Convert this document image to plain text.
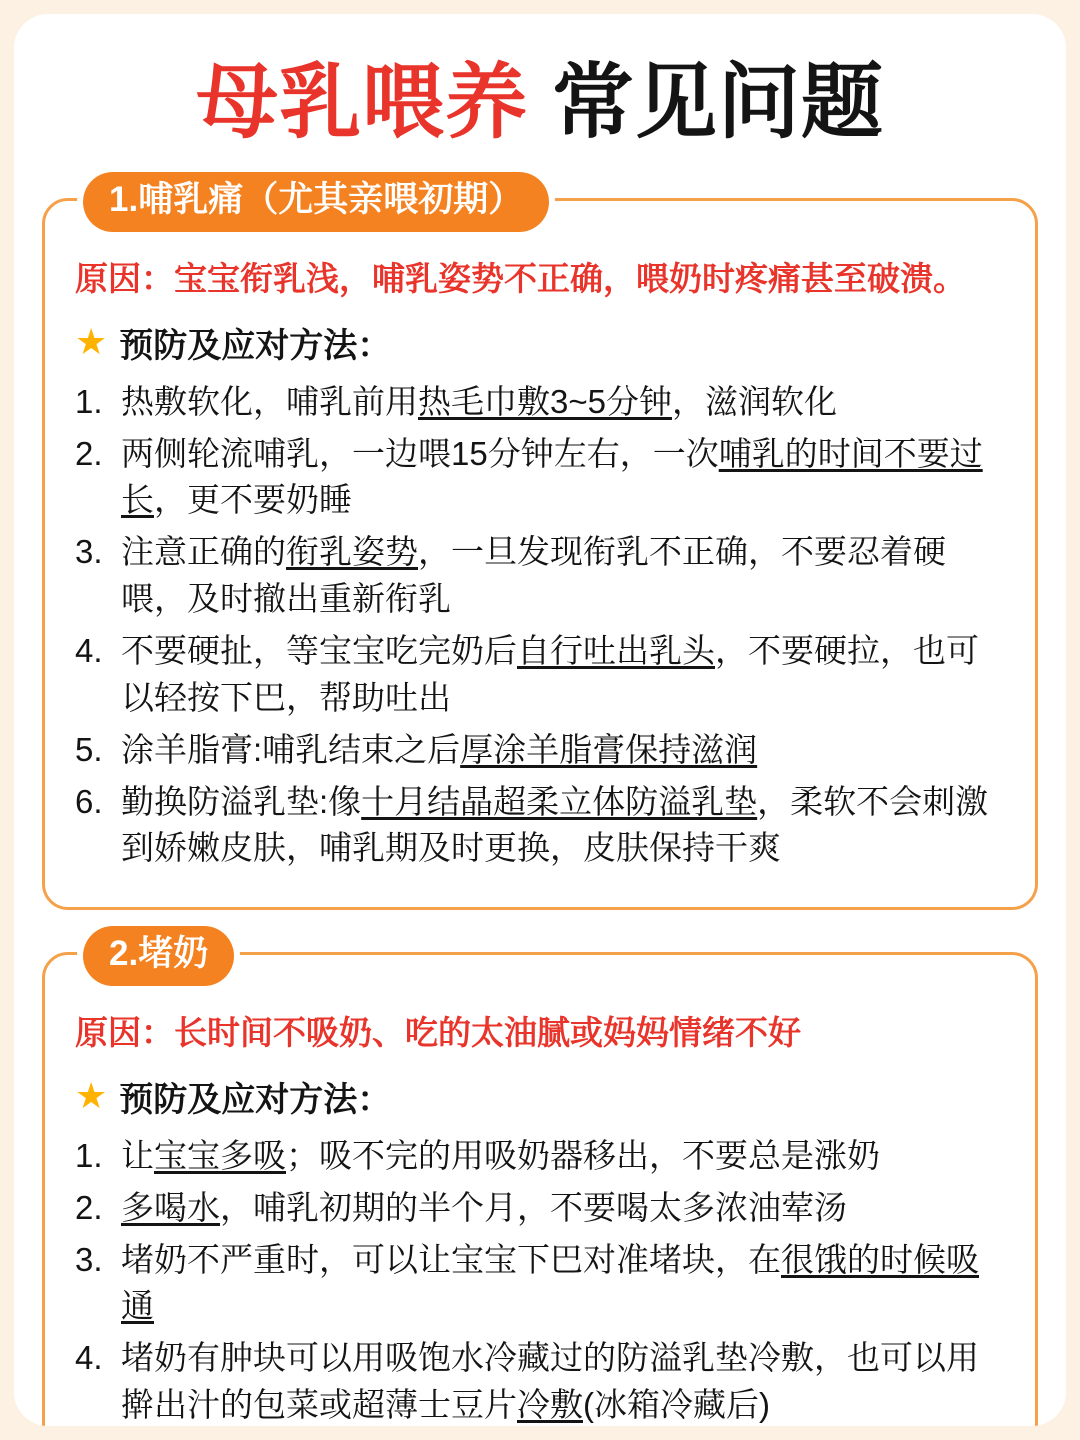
母乳喂养 常见问题
1.哺乳痛（尤其亲喂初期）

原因：宝宝衔乳浅，哺乳姿势不正确，喂奶时疼痛甚至破溃。

★ 预防及应对方法：
热敷软化，哺乳前用热毛巾敷3~5分钟，滋润软化
两侧轮流哺乳，一边喂15分钟左右，一次哺乳的时间不要过长，更不要奶睡
注意正确的衔乳姿势，一旦发现衔乳不正确，不要忍着硬喂，及时撤出重新衔乳
不要硬扯，等宝宝吃完奶后自行吐出乳头，不要硬拉，也可以轻按下巴，帮助吐出
涂羊脂膏:哺乳结束之后厚涂羊脂膏保持滋润
勤换防溢乳垫:像十月结晶超柔立体防溢乳垫，柔软不会刺激到娇嫩皮肤，哺乳期及时更换，皮肤保持干爽
2.堵奶

原因：长时间不吸奶、吃的太油腻或妈妈情绪不好

★ 预防及应对方法：
让宝宝多吸；吸不完的用吸奶器移出，不要总是涨奶
多喝水，哺乳初期的半个月，不要喝太多浓油荤汤
堵奶不严重时，可以让宝宝下巴对准堵块，在很饿的时候吸通
堵奶有肿块可以用吸饱水冷藏过的防溢乳垫冷敷，也可以用擀出汁的包菜或超薄士豆片冷敷(冰箱冷藏后)
